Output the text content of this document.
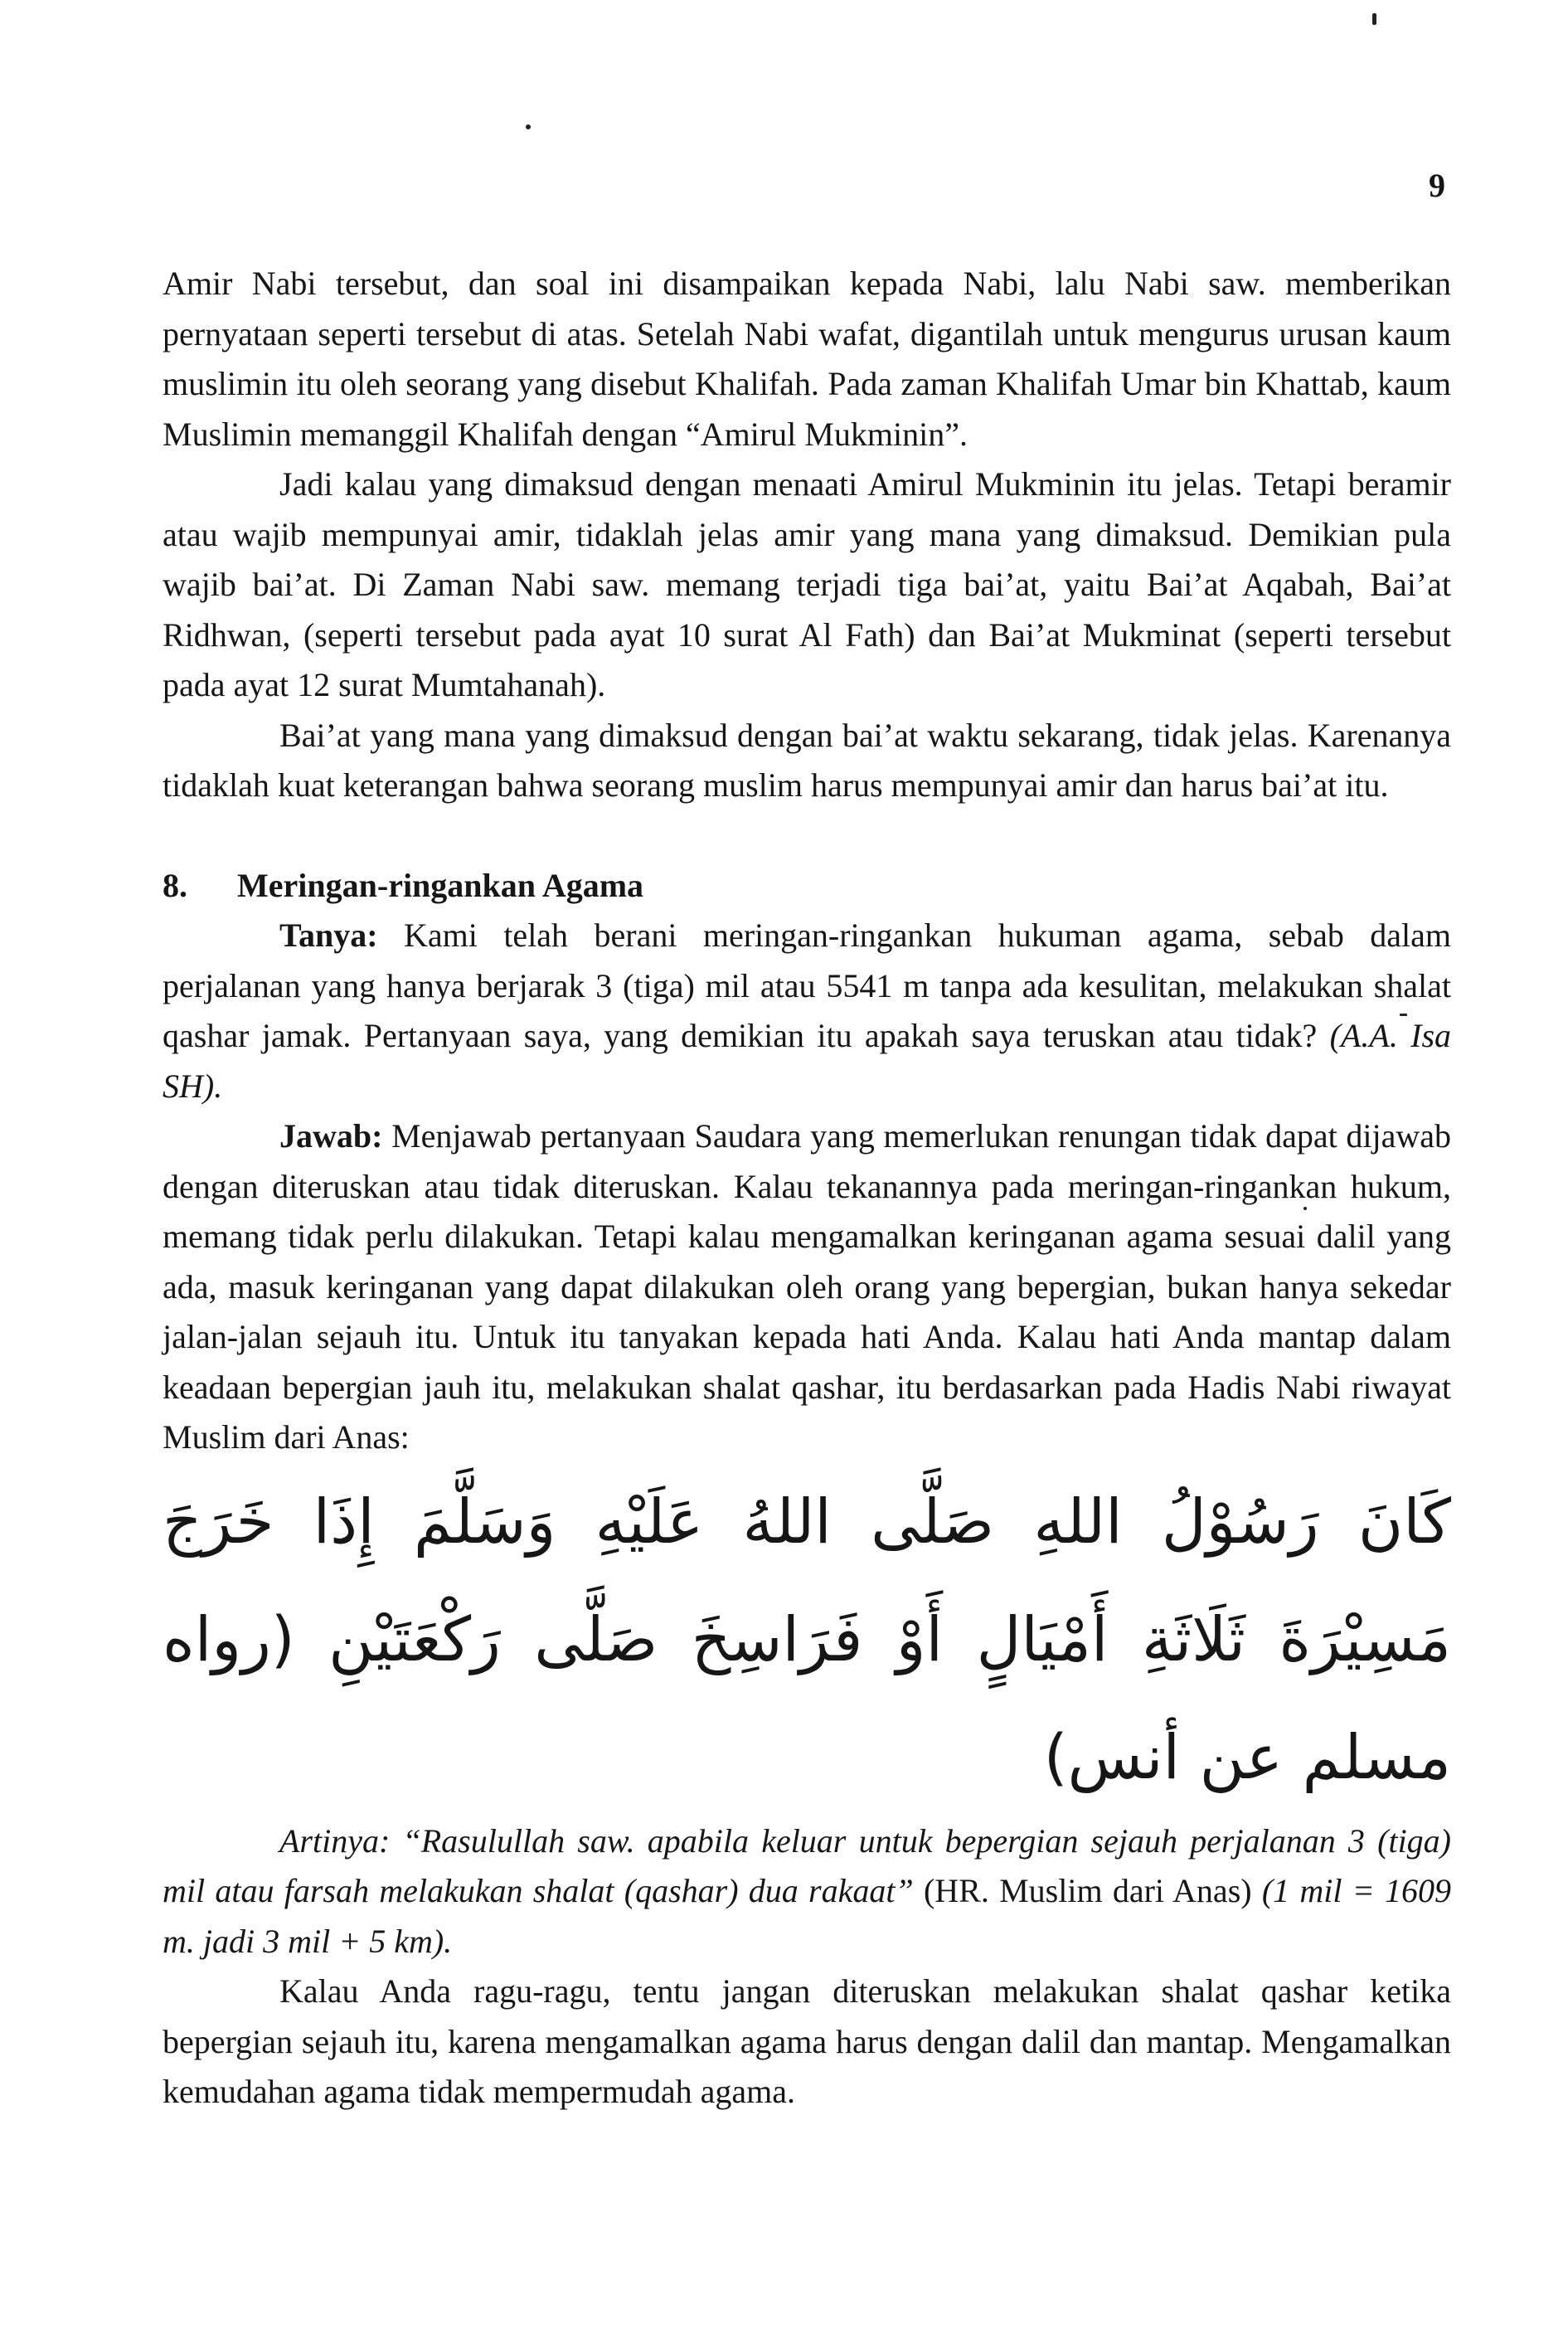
9

Amir Nabi tersebut, dan soal ini disampaikan kepada Nabi, lalu Nabi saw. memberikan pernyataan seperti tersebut di atas. Setelah Nabi wafat, digantilah untuk mengurus urusan kaum muslimin itu oleh seorang yang disebut Khalifah. Pada zaman Khalifah Umar bin Khattab, kaum Muslimin memanggil Khalifah dengan “Amirul Mukminin”.

Jadi kalau yang dimaksud dengan menaati Amirul Mukminin itu jelas. Tetapi beramir atau wajib mempunyai amir, tidaklah jelas amir yang mana yang dimaksud. Demikian pula wajib bai’at. Di Zaman Nabi saw. memang terjadi tiga bai’at, yaitu Bai’at Aqabah, Bai’at Ridhwan, (seperti tersebut pada ayat 10 surat Al Fath) dan Bai’at Mukminat (seperti tersebut pada ayat 12 surat Mumtahanah).

Bai’at yang mana yang dimaksud dengan bai’at waktu sekarang, tidak jelas. Karenanya tidaklah kuat keterangan bahwa seorang muslim harus mempunyai amir dan harus bai’at itu.

8.	Meringan-ringankan Agama

Tanya: Kami telah berani meringan-ringankan hukuman agama, sebab dalam perjalanan yang hanya berjarak 3 (tiga) mil atau 5541 m tanpa ada kesulitan, melakukan shalat qashar jamak. Pertanyaan saya, yang demikian itu apakah saya teruskan atau tidak? (A.A. Isa SH).

Jawab: Menjawab pertanyaan Saudara yang memerlukan renungan tidak dapat dijawab dengan diteruskan atau tidak diteruskan. Kalau tekanannya pada meringan-ringankan hukum, memang tidak perlu dilakukan. Tetapi kalau mengamalkan keringanan agama sesuai dalil yang ada, masuk keringanan yang dapat dilakukan oleh orang yang bepergian, bukan hanya sekedar jalan-jalan sejauh itu. Untuk itu tanyakan kepada hati Anda. Kalau hati Anda mantap dalam keadaan bepergian jauh itu, melakukan shalat qashar, itu berdasarkan pada Hadis Nabi riwayat Muslim dari Anas:

كَانَ رَسُوْلُ اللهِ صَلَّى اللهُ عَلَيْهِ وَسَلَّمَ إِذَا خَرَجَ مَسِيْرَةَ ثَلَاثَةِ أَمْيَالٍ أَوْ فَرَاسِخَ صَلَّى رَكْعَتَيْنِ (رواه مسلم عن أنس)

Artinya: “Rasulullah saw. apabila keluar untuk bepergian sejauh perjalanan 3 (tiga) mil atau farsah melakukan shalat (qashar) dua rakaat” (HR. Muslim dari Anas) (1 mil = 1609 m. jadi 3 mil + 5 km).

Kalau Anda ragu-ragu, tentu jangan diteruskan melakukan shalat qashar ketika bepergian sejauh itu, karena mengamalkan agama harus dengan dalil dan mantap. Mengamalkan kemudahan agama tidak mempermudah agama.
